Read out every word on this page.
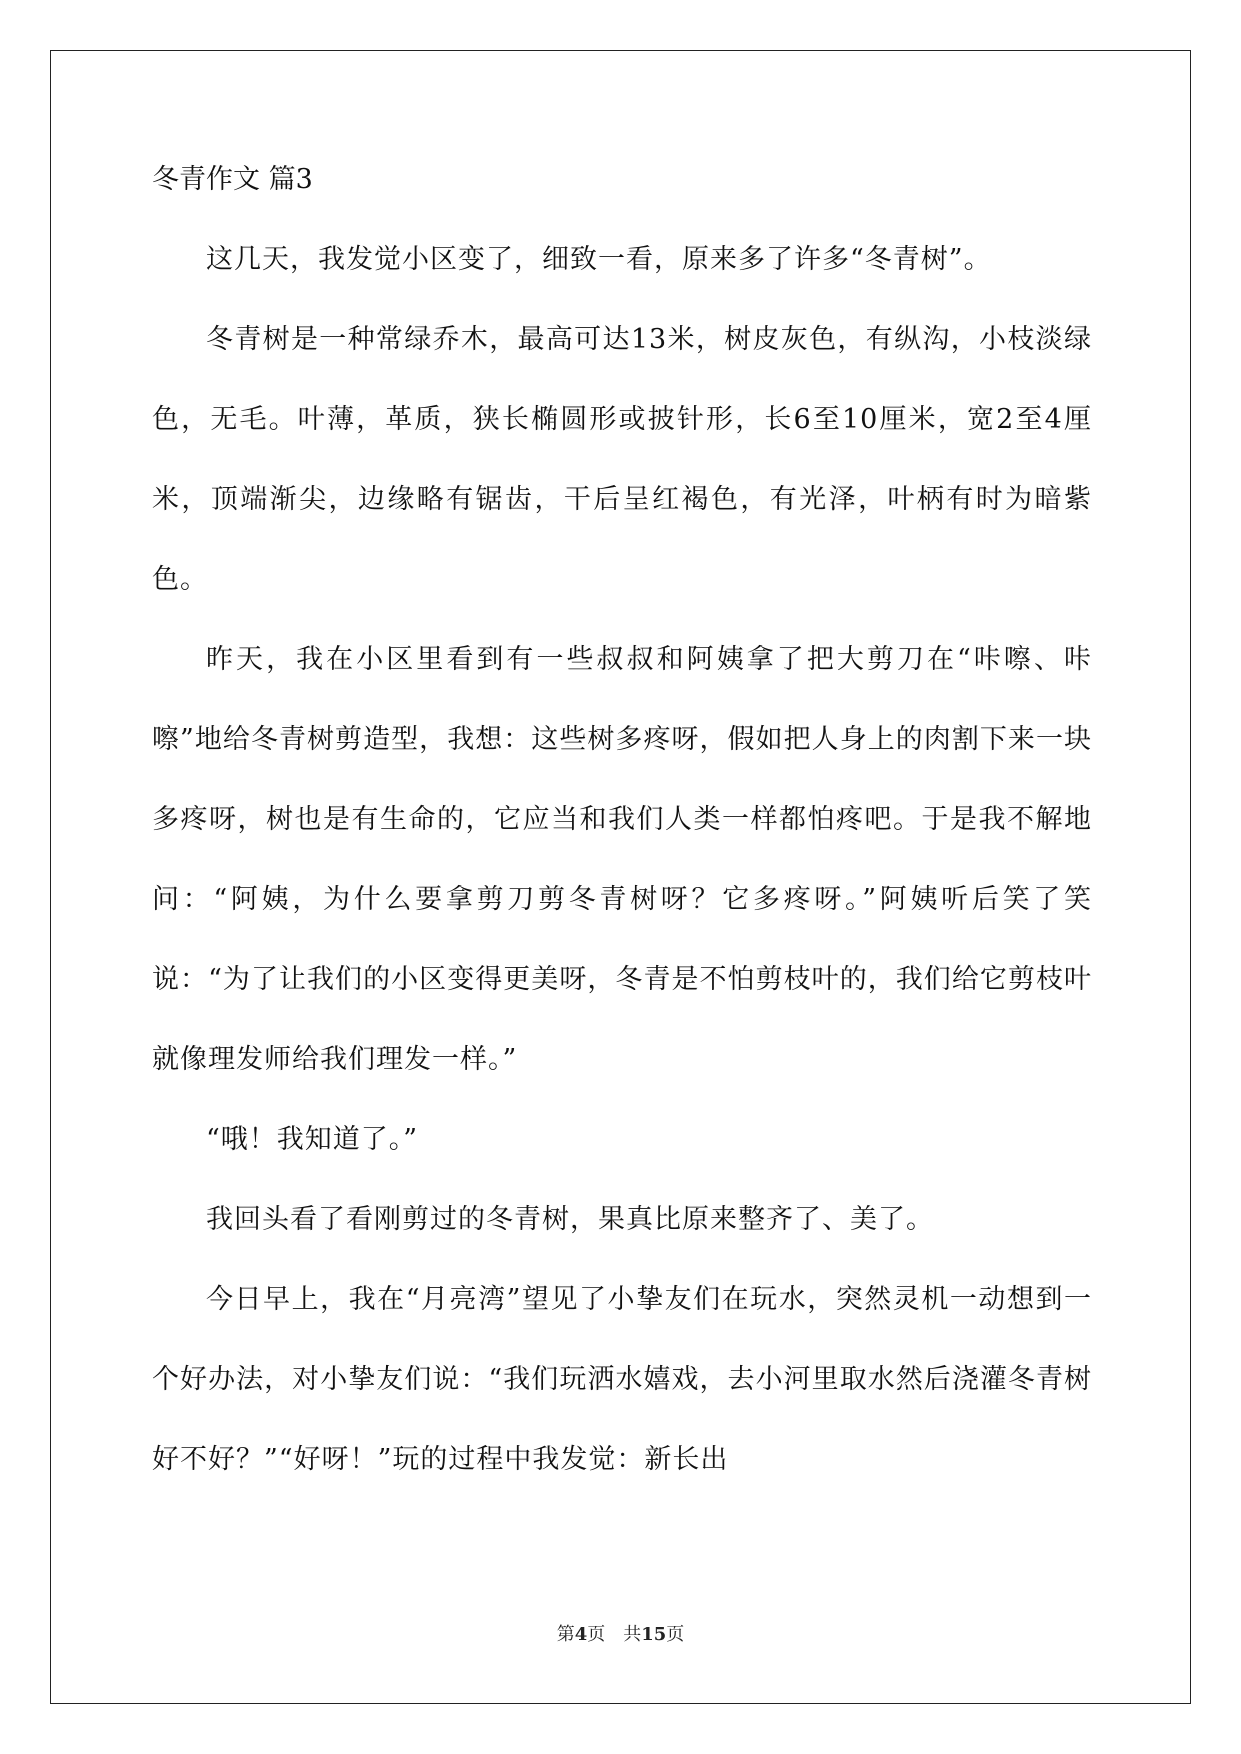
冬青作文 篇3

这几天，我发觉小区变了，细致一看，原来多了许多“冬青树”。

冬青树是一种常绿乔木，最高可达13米，树皮灰色，有纵沟，小枝淡绿色，无毛。叶薄，革质，狭长椭圆形或披针形，长6至10厘米，宽2至4厘米，顶端渐尖，边缘略有锯齿，干后呈红褐色，有光泽，叶柄有时为暗紫色。

昨天，我在小区里看到有一些叔叔和阿姨拿了把大剪刀在“咔嚓、咔嚓”地给冬青树剪造型，我想：这些树多疼呀，假如把人身上的肉割下来一块多疼呀，树也是有生命的，它应当和我们人类一样都怕疼吧。于是我不解地问：“阿姨，为什么要拿剪刀剪冬青树呀？它多疼呀。”阿姨听后笑了笑说：“为了让我们的小区变得更美呀，冬青是不怕剪枝叶的，我们给它剪枝叶就像理发师给我们理发一样。”

“哦！我知道了。”

我回头看了看刚剪过的冬青树，果真比原来整齐了、美了。

今日早上，我在“月亮湾”望见了小挚友们在玩水，突然灵机一动想到一个好办法，对小挚友们说：“我们玩洒水嬉戏，去小河里取水然后浇灌冬青树好不好？”“好呀！”玩的过程中我发觉：新长出

第4页　共15页
